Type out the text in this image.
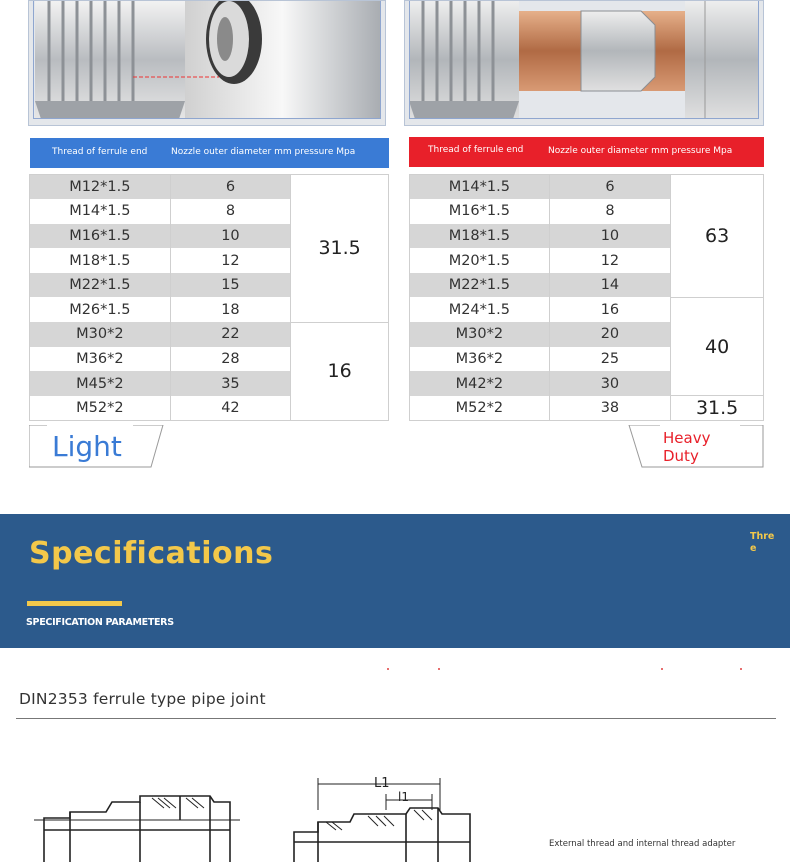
Thread of ferrule end	Nozzle outer diameter mm pressure Mpa	Thread of ferrule end	Nozzle outer diameter mm pressure Mpa
M12*1.5	6	31.5
M14*1.5	8	
M16*1.5	10	
M18*1.5	12	
M22*1.5	15	
M26*1.5	18	
M30*2	22	16
M36*2	28	
M45*2	35	
M52*2	42	
M14*1.5	6	63
M16*1.5	8	
M18*1.5	10	
M20*1.5	12	
M22*1.5	14	
M24*1.5	16	40
M30*2	20	
M36*2	25	
M42*2	30	
M52*2	38	31.5
Light	Heavy
Duty
Specifications
SPECIFICATION PARAMETERS
Three
DIN2353 ferrule type pipe joint
L1
l1
External thread and internal thread adapter
